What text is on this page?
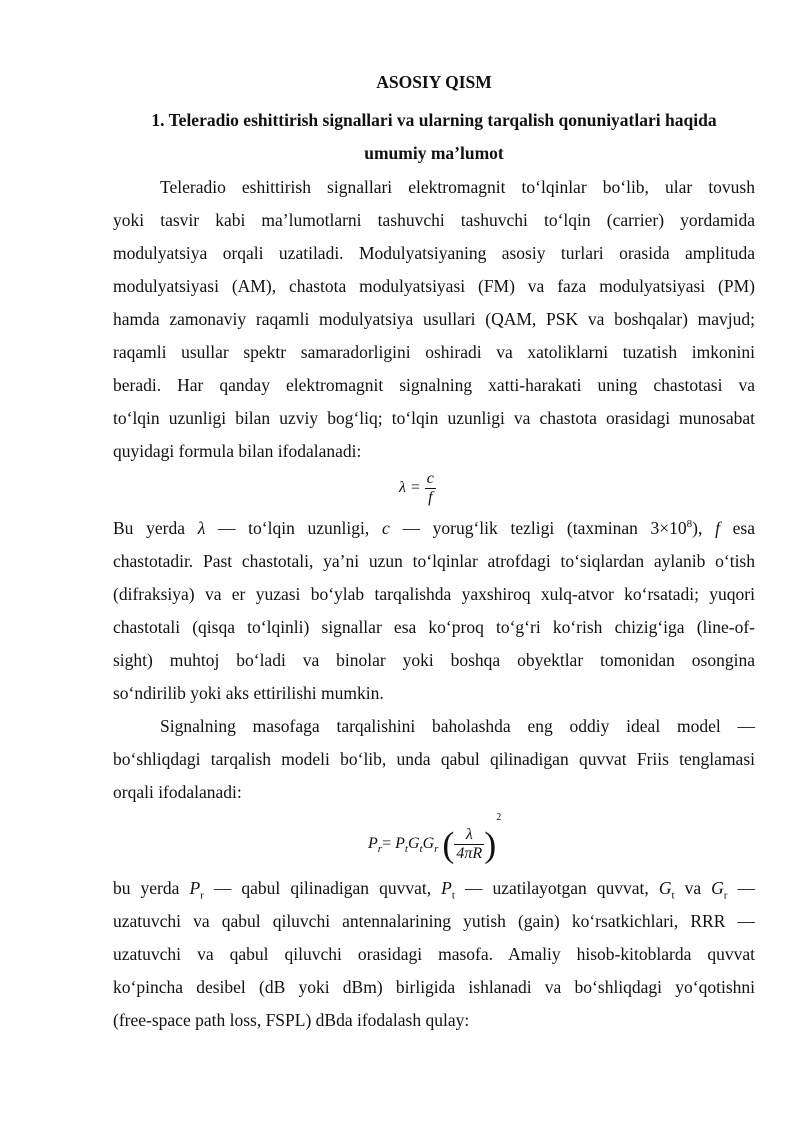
ASOSIY QISM
1. Teleradio eshittirish signallari va ularning tarqalish qonuniyatlari haqida
umumiy ma’lumot
Teleradio eshittirish signallari elektromagnit to‘lqinlar bo‘lib, ular tovush
yoki tasvir kabi ma’lumotlarni tashuvchi tashuvchi to‘lqin (carrier) yordamida
modulyatsiya orqali uzatiladi. Modulyatsiyaning asosiy turlari orasida amplituda
modulyatsiyasi (AM), chastota modulyatsiyasi (FM) va faza modulyatsiyasi (PM)
hamda zamonaviy raqamli modulyatsiya usullari (QAM, PSK va boshqalar) mavjud;
raqamli usullar spektr samaradorligini oshiradi va xatoliklarni tuzatish imkonini
beradi. Har qanday elektromagnit signalning xatti-harakati uning chastotasi va
to‘lqin uzunligi bilan uzviy bog‘liq; to‘lqin uzunligi va chastota orasidagi munosabat
quyidagi formula bilan ifodalanadi:
$\lambda = \frac{c}{f}$
Bu yerda λ — to‘lqin uzunligi, c — yorug‘lik tezligi (taxminan $3\times 10^8$), f esa
chastotadir. Past chastotali, ya’ni uzun to‘lqinlar atrofdagi to‘siqlardan aylanib o‘tish
(difraksiya) va er yuzasi bo‘ylab tarqalishda yaxshiroq xulq-atvor ko‘rsatadi; yuqori
chastotali (qisqa to‘lqinli) signallar esa ko‘proq to‘g‘ri ko‘rish chizig‘iga (line-of-
sight) muhtoj bo‘ladi va binolar yoki boshqa obyektlar tomonidan osongina
so‘ndirilib yoki aks ettirilishi mumkin.
Signalning masofaga tarqalishini baholashda eng oddiy ideal model —
bo‘shliqdagi tarqalish modeli bo‘lib, unda qabul qilinadigan quvvat Friis tenglamasi
orqali ifodalanadi:
$P_r= P_tG_tG_r$ ( $\frac{\lambda}{4\pi R} )^2$
bu yerda $P_r$ — qabul qilinadigan quvvat, $P_t$ — uzatilayotgan quvvat, $G_t$ va $G_r$ —
uzatuvchi va qabul qiluvchi antennalarining yutish (gain) ko‘rsatkichlari, RRR —
uzatuvchi va qabul qiluvchi orasidagi masofa. Amaliy hisob-kitoblarda quvvat
ko‘pincha desibel (dB yoki dBm) birligida ishlanadi va bo‘shliqdagi yo‘qotishni
(free-space path loss, FSPL) dBda ifodalash qulay:
